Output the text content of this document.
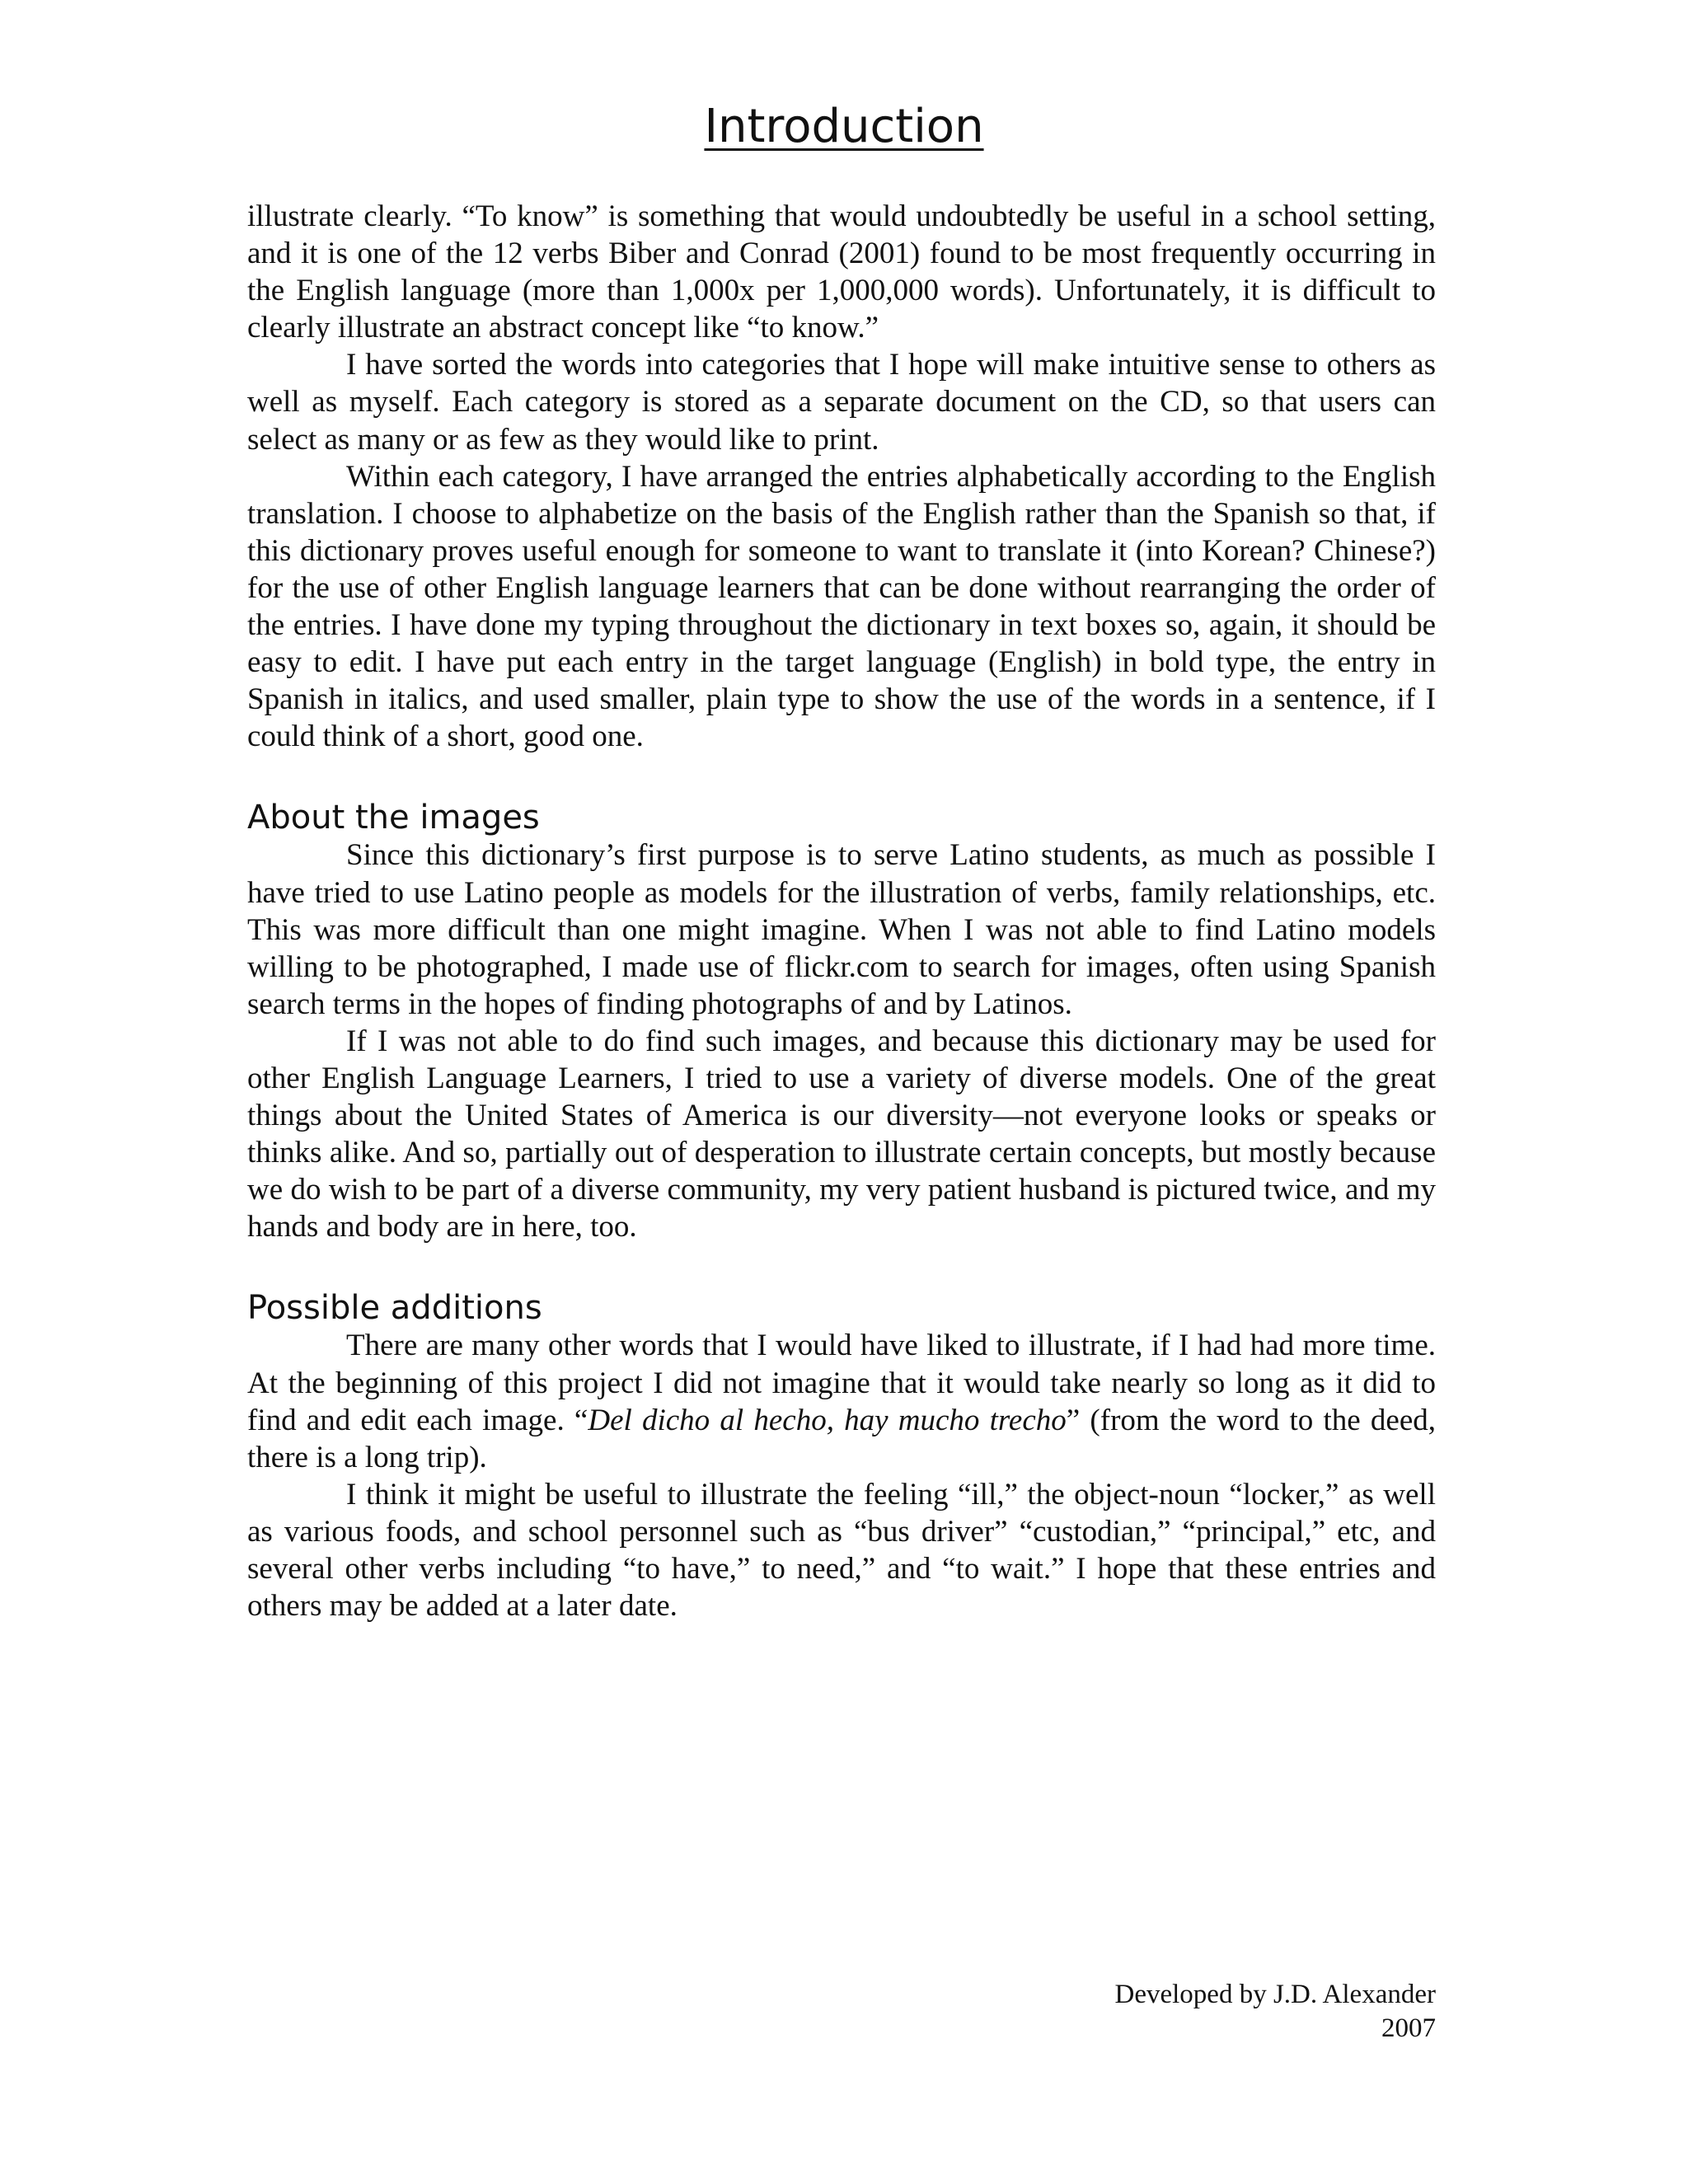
Introduction

illustrate clearly. “To know” is something that would undoubtedly be useful in a school setting, and it is one of the 12 verbs Biber and Conrad (2001) found to be most frequently occurring in the English language (more than 1,000x per 1,000,000 words). Unfortunately, it is difficult to clearly illustrate an abstract concept like “to know.”

I have sorted the words into categories that I hope will make intuitive sense to others as well as myself. Each category is stored as a separate document on the CD, so that users can select as many or as few as they would like to print.

Within each category, I have arranged the entries alphabetically according to the English translation. I choose to alphabetize on the basis of the English rather than the Spanish so that, if this dictionary proves useful enough for someone to want to translate it (into Korean? Chinese?) for the use of other English language learners that can be done without rearranging the order of the entries. I have done my typing throughout the dictionary in text boxes so, again, it should be easy to edit. I have put each entry in the target language (English) in bold type, the entry in Spanish in italics, and used smaller, plain type to show the use of the words in a sentence, if I could think of a short, good one.

About the images

Since this dictionary’s first purpose is to serve Latino students, as much as possible I have tried to use Latino people as models for the illustration of verbs, family relationships, etc. This was more difficult than one might imagine. When I was not able to find Latino models willing to be photographed, I made use of flickr.com to search for images, often using Spanish search terms in the hopes of finding photographs of and by Latinos.

If I was not able to do find such images, and because this dictionary may be used for other English Language Learners, I tried to use a variety of diverse models. One of the great things about the United States of America is our diversity—not everyone looks or speaks or thinks alike. And so, partially out of desperation to illustrate certain concepts, but mostly because we do wish to be part of a diverse community, my very patient husband is pictured twice, and my hands and body are in here, too.

Possible additions

There are many other words that I would have liked to illustrate, if I had had more time. At the beginning of this project I did not imagine that it would take nearly so long as it did to find and edit each image. “Del dicho al hecho, hay mucho trecho” (from the word to the deed, there is a long trip).

I think it might be useful to illustrate the feeling “ill,” the object-noun “locker,” as well as various foods, and school personnel such as “bus driver” “custodian,” “principal,” etc, and several other verbs including “to have,” to need,” and “to wait.” I hope that these entries and others may be added at a later date.

Developed by J.D. Alexander
2007
